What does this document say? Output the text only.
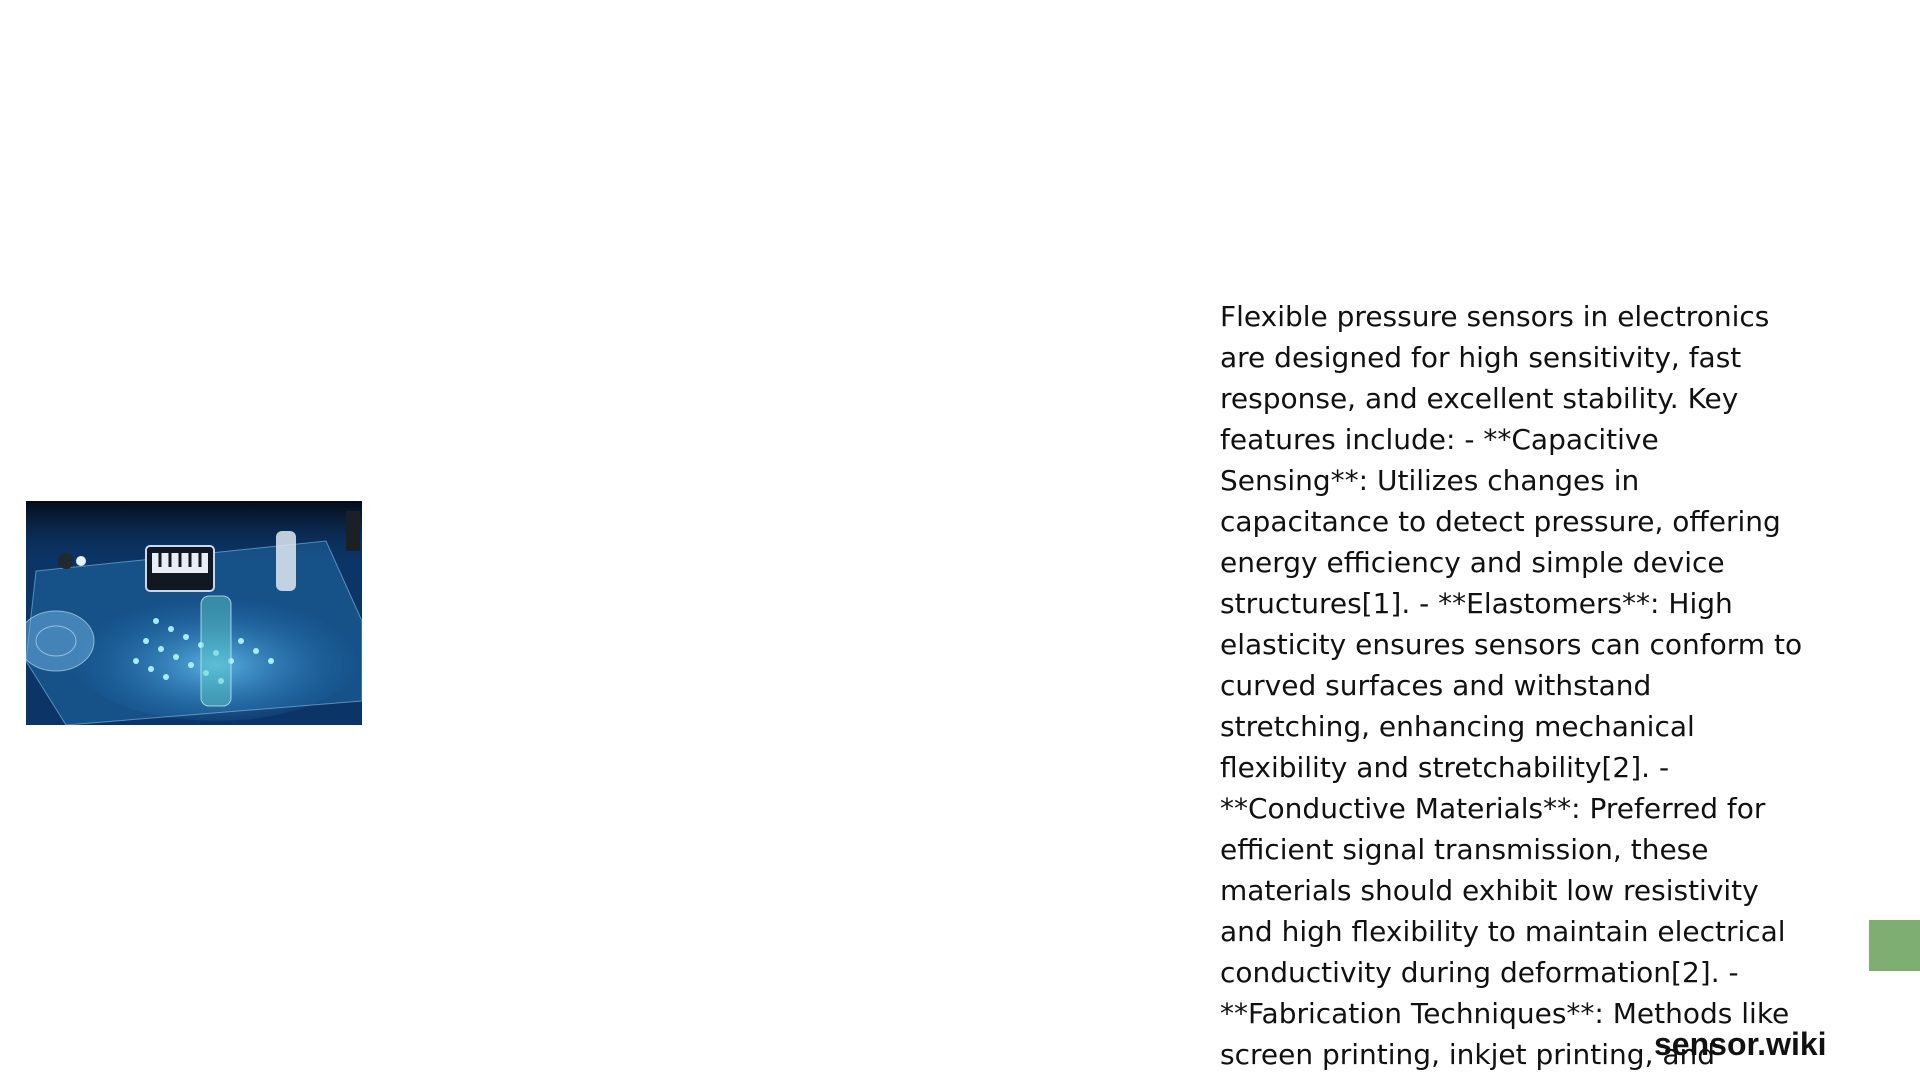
Flexible pressure sensors in electronics are designed for high sensitivity, fast response, and excellent stability. Key features include: - **Capacitive Sensing**: Utilizes changes in capacitance to detect pressure, offering energy efficiency and simple device structures[1]. - **Elastomers**: High elasticity ensures sensors can conform to curved surfaces and withstand stretching, enhancing mechanical flexibility and stretchability[2]. - **Conductive Materials**: Preferred for efficient signal transmission, these materials should exhibit low resistivity and high flexibility to maintain electrical conductivity during deformation[2]. - **Fabrication Techniques**: Methods like screen printing, inkjet printing, and

sensor.wiki
